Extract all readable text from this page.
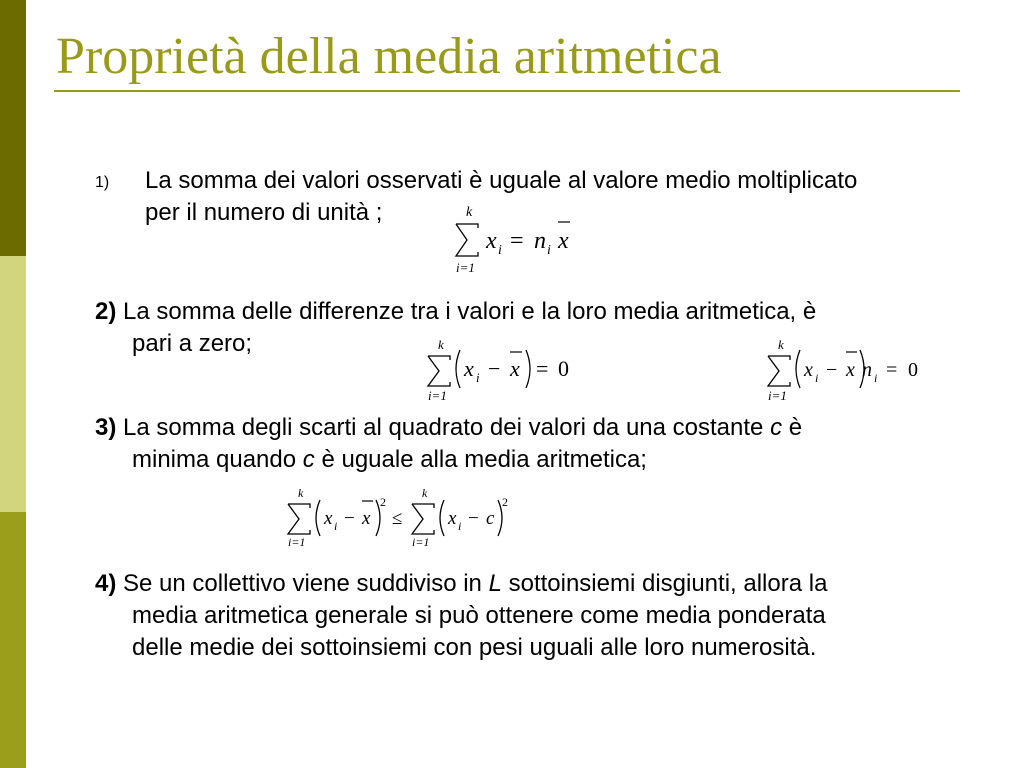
Proprietà della media aritmetica
1) La somma dei valori osservati è uguale al valore medio moltiplicato
per il numero di unità ;	k
i=1
x i = n i x
2) La somma delle differenze tra i valori e la loro media aritmetica, è
pari a zero;	k
i=1
x i − x = 0
k
i=1
x i − x n i = 0
3) La somma degli scarti al quadrato dei valori da una costante c è
minima quando c è uguale alla media aritmetica;
k
i=1
x i − x
2
≤
k
i=1
x i − c
2
4) Se un collettivo viene suddiviso in L sottoinsiemi disgiunti, allora la
media aritmetica generale si può ottenere come media ponderata
delle medie dei sottoinsiemi con pesi uguali alle loro numerosità.
